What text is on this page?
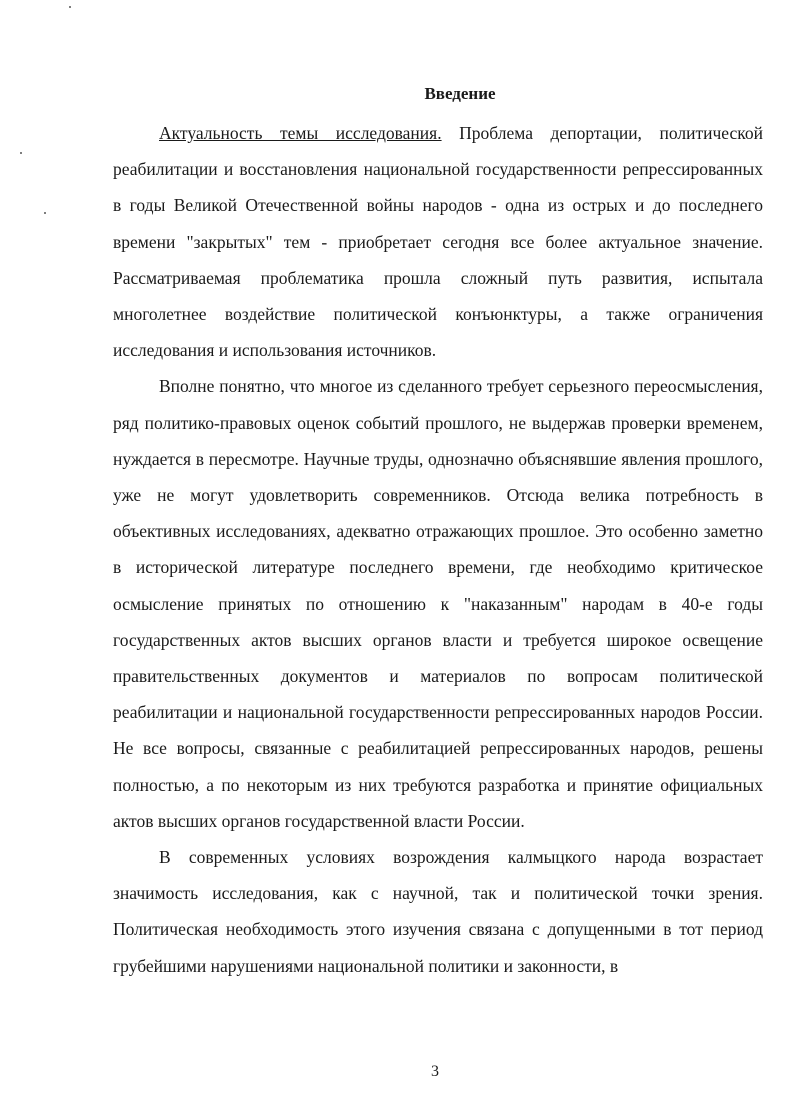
Введение

Актуальность темы исследования. Проблема депортации, политической реабилитации и восстановления национальной государственности репрессированных в годы Великой Отечественной войны народов - одна из острых и до последнего времени "закрытых" тем - приобретает сегодня все более актуальное значение. Рассматриваемая проблематика прошла сложный путь развития, испытала многолетнее воздействие политической конъюнктуры, а также ограничения исследования и использования источников.

Вполне понятно, что многое из сделанного требует серьезного переосмысления, ряд политико-правовых оценок событий прошлого, не выдержав проверки временем, нуждается в пересмотре. Научные труды, однозначно объяснявшие явления прошлого, уже не могут удовлетворить современников. Отсюда велика потребность в объективных исследованиях, адекватно отражающих прошлое. Это особенно заметно в исторической литературе последнего времени, где необходимо критическое осмысление принятых по отношению к "наказанным" народам в 40-е годы государственных актов высших органов власти и требуется широкое освещение правительственных документов и материалов по вопросам политической реабилитации и национальной государственности репрессированных народов России. Не все вопросы, связанные с реабилитацией репрессированных народов, решены полностью, а по некоторым из них требуются разработка и принятие официальных актов высших органов государственной власти России.

В современных условиях возрождения калмыцкого народа возрастает значимость исследования, как с научной, так и политической точки зрения. Политическая необходимость этого изучения связана с допущенными в тот период грубейшими нарушениями национальной политики и законности, в

3
